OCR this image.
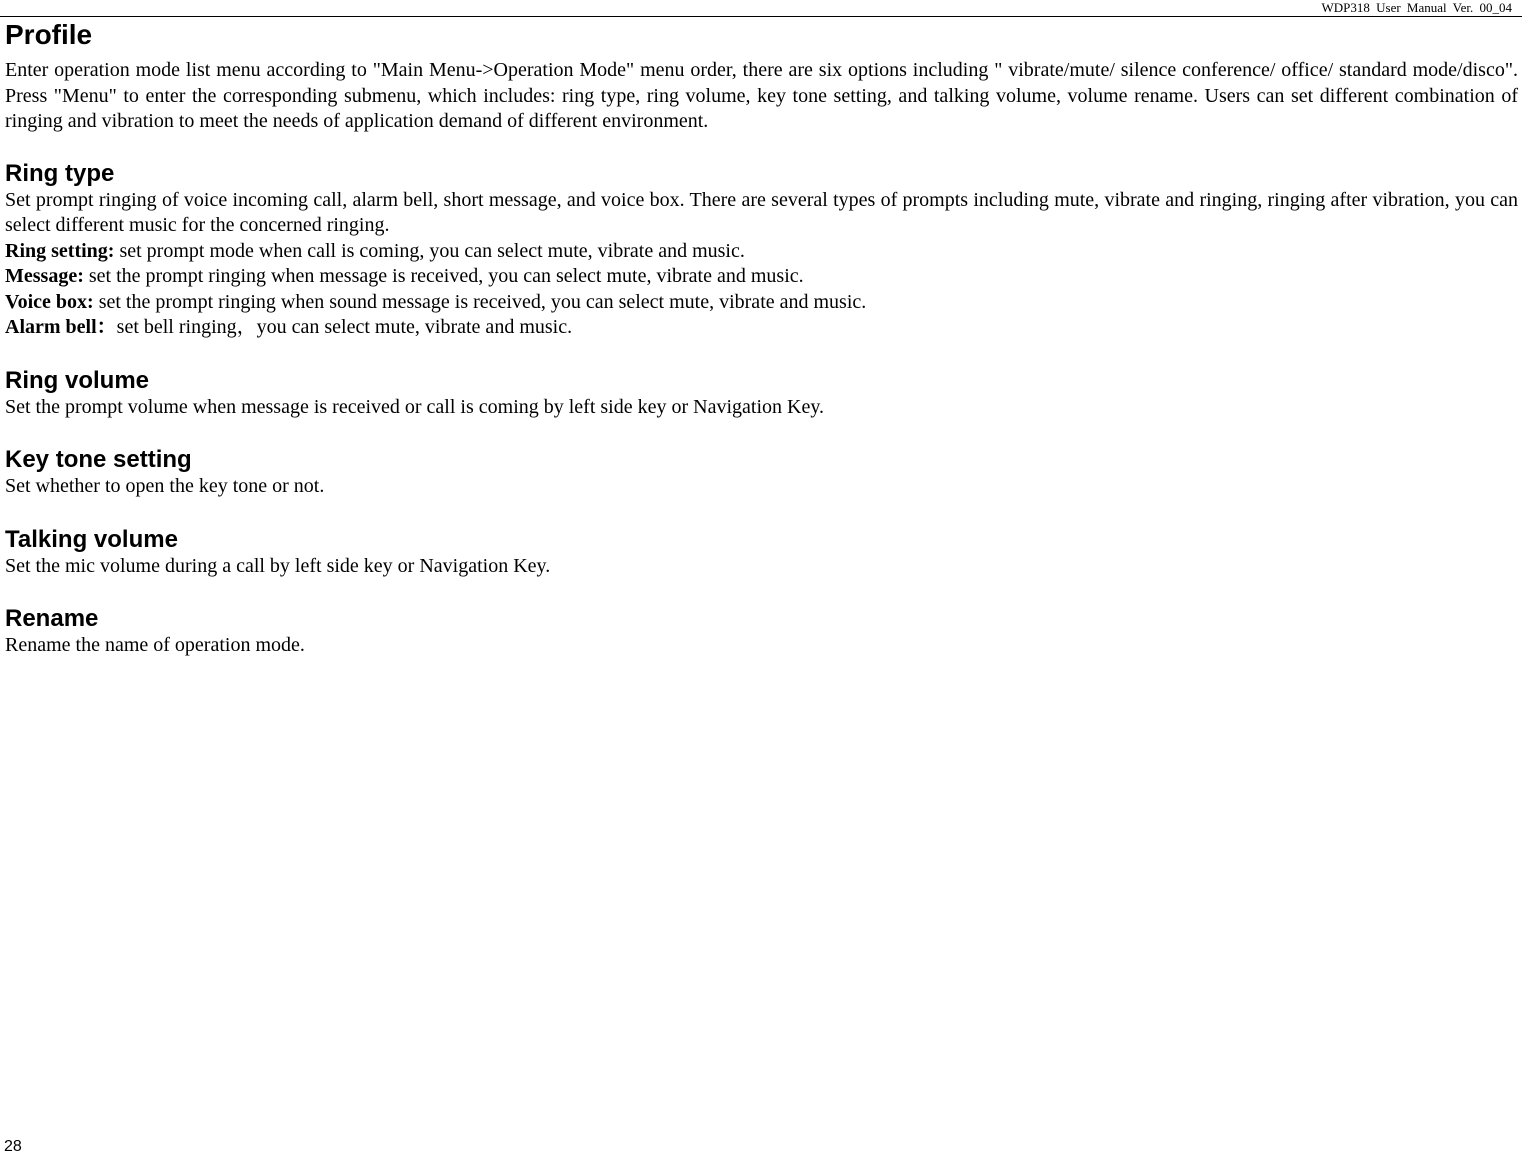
WDP318 User Manual Ver. 00_04
Profile

Enter operation mode list menu according to "Main Menu->Operation Mode" menu order, there are six options including " vibrate/mute/ silence conference/ office/ standard mode/disco". Press "Menu" to enter the corresponding submenu, which includes: ring type, ring volume, key tone setting, and talking volume, volume rename. Users can set different combination of ringing and vibration to meet the needs of application demand of different environment.

Ring type

Set prompt ringing of voice incoming call, alarm bell, short message, and voice box. There are several types of prompts including mute, vibrate and ringing, ringing after vibration, you can select different music for the concerned ringing.

Ring setting: set prompt mode when call is coming, you can select mute, vibrate and music.

Message: set the prompt ringing when message is received, you can select mute, vibrate and music.

Voice box: set the prompt ringing when sound message is received, you can select mute, vibrate and music.

Alarm bell：set bell ringing，you can select mute, vibrate and music.

Ring volume

Set the prompt volume when message is received or call is coming by left side key or Navigation Key.

Key tone setting

Set whether to open the key tone or not.

Talking volume

Set the mic volume during a call by left side key or Navigation Key.

Rename

Rename the name of operation mode.

28
